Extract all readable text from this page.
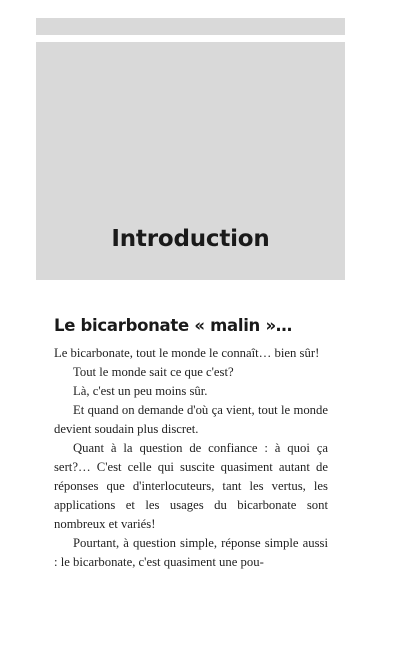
Introduction
Le bicarbonate « malin »…

Le bicarbonate, tout le monde le connaît… bien sûr!

Tout le monde sait ce que c'est?

Là, c'est un peu moins sûr.

Et quand on demande d'où ça vient, tout le monde devient soudain plus discret.

Quant à la question de confiance : à quoi ça sert?… C'est celle qui suscite quasiment autant de réponses que d'interlocuteurs, tant les vertus, les applications et les usages du bicarbonate sont nombreux et variés!

Pourtant, à question simple, réponse simple aussi : le bicarbonate, c'est quasiment une pou-
